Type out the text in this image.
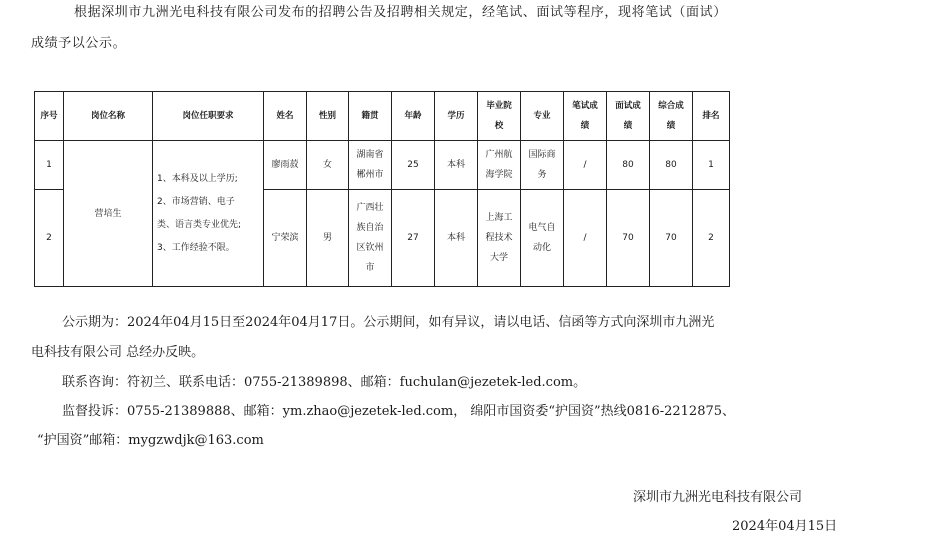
根据深圳市九洲光电科技有限公司发布的招聘公告及招聘相关规定，经笔试、面试等程序，现将笔试（面试）
成绩予以公示。
序号	岗位名称	岗位任职要求	姓名	性别	籍贯	年龄	学历	毕业院
校	专业	笔试成
绩	面试成
绩	综合成
绩	排名
1	营培生	1、本科及以上学历;
2、市场营销、电子
类、语言类专业优先;
3、工作经验不限。	廖雨菽	女	湖南省
郴州市	25	本科	广州航
海学院	国际商
务	/	80	80	1
2			宁荣滨	男	广西壮
族自治
区钦州
市	27	本科	上海工
程技术
大学	电气自
动化	/	70	70	2
公示期为：2024年04月15日至2024年04月17日。公示期间，如有异议，请以电话、信函等方式向深圳市九洲光
电科技有限公司 总经办反映。
联系咨询：符初兰、联系电话：0755-21389898、邮箱：fuchulan@jezetek-led.com。
监督投诉：0755-21389888、邮箱：ym.zhao@jezetek-led.com， 绵阳市国资委“护国资”热线0816-2212875、
“护国资”邮箱：mygzwdjk@163.com
深圳市九洲光电科技有限公司
2024年04月15日
